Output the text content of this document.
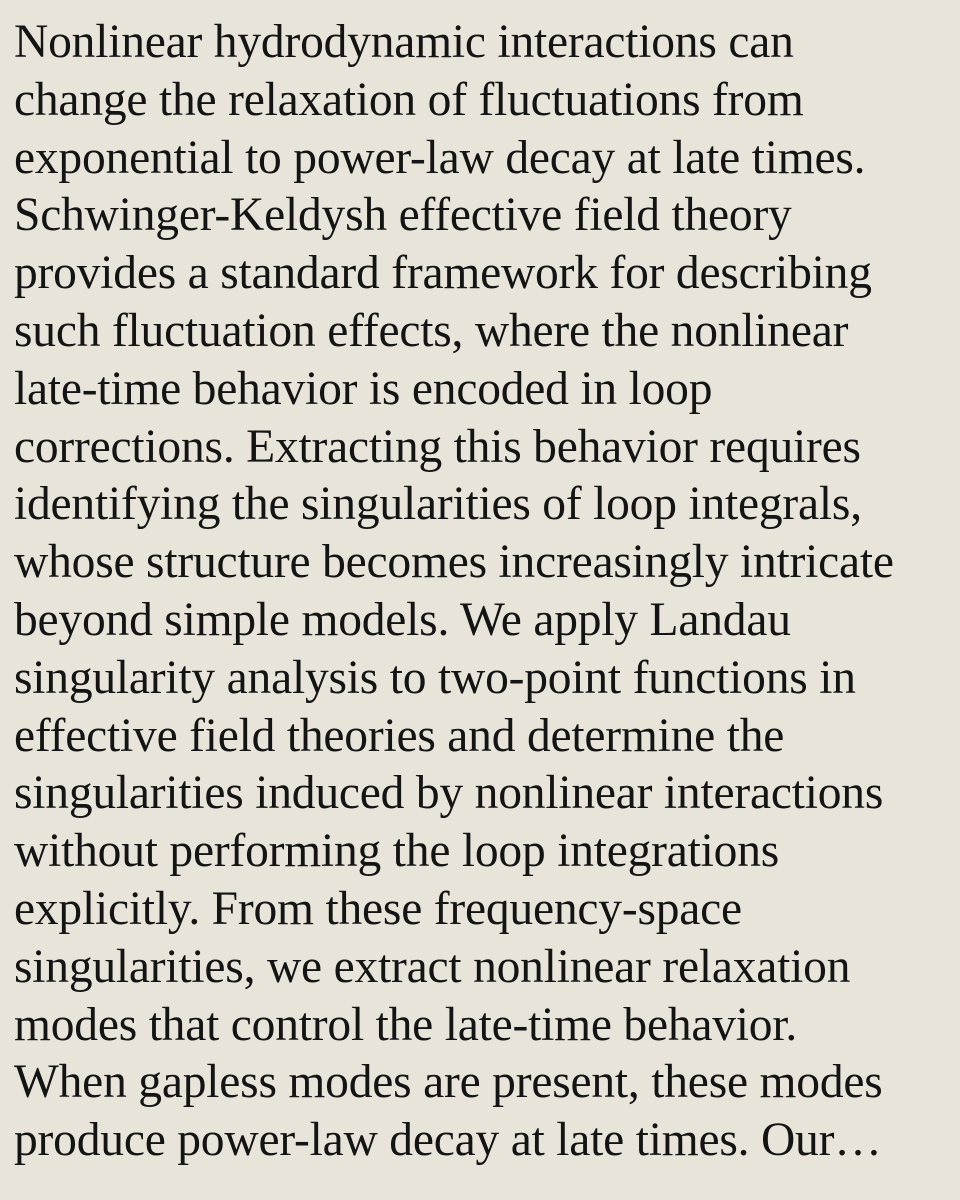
Nonlinear hydrodynamic interactions can
change the relaxation of fluctuations from
exponential to power-law decay at late times.
Schwinger-Keldysh effective field theory
provides a standard framework for describing
such fluctuation effects, where the nonlinear
late-time behavior is encoded in loop
corrections. Extracting this behavior requires
identifying the singularities of loop integrals,
whose structure becomes increasingly intricate
beyond simple models. We apply Landau
singularity analysis to two-point functions in
effective field theories and determine the
singularities induced by nonlinear interactions
without performing the loop integrations
explicitly. From these frequency-space
singularities, we extract nonlinear relaxation
modes that control the late-time behavior.
When gapless modes are present, these modes
produce power-law decay at late times. Our…
